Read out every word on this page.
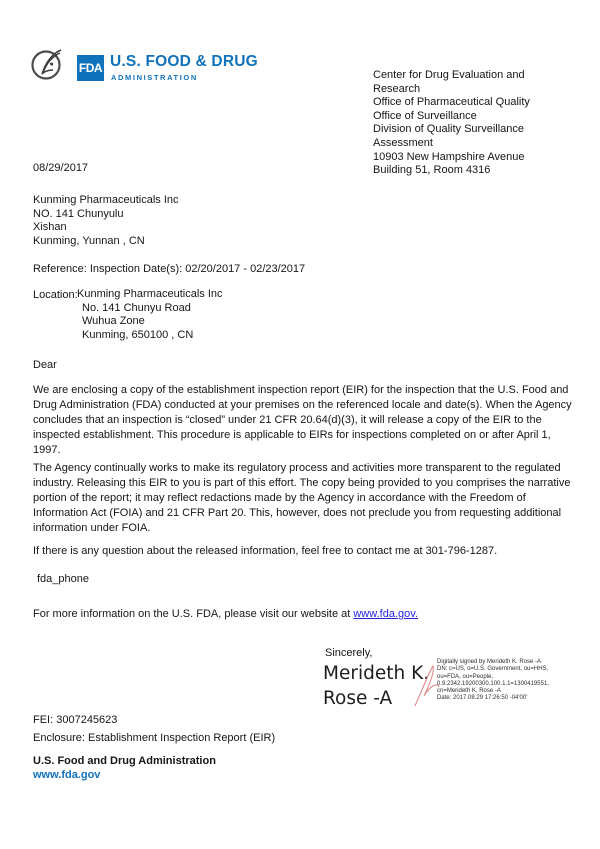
FDA U.S. FOOD & DRUG
ADMINISTRATION	Center for Drug Evaluation and
Research
Office of Pharmaceutical Quality
Office of Surveillance
Division of Quality Surveillance
Assessment
10903 New Hampshire Avenue
Building 51, Room 4316
08/29/2017
Kunming Pharmaceuticals Inc
NO. 141 Chunyulu
Xishan
Kunming, Yunnan , CN
Reference: Inspection Date(s): 02/20/2017 - 02/23/2017
Location: Kunming Pharmaceuticals Inc
No. 141 Chunyu Road
Wuhua Zone
Kunming, 650100 , CN
Dear
We are enclosing a copy of the establishment inspection report (EIR) for the inspection that the U.S. Food and Drug Administration (FDA) conducted at your premises on the referenced locale and date(s). When the Agency concludes that an inspection is “closed” under 21 CFR 20.64(d)(3), it will release a copy of the EIR to the inspected establishment. This procedure is applicable to EIRs for inspections completed on or after April 1, 1997.
The Agency continually works to make its regulatory process and activities more transparent to the regulated industry. Releasing this EIR to you is part of this effort. The copy being provided to you comprises the narrative portion of the report; it may reflect redactions made by the Agency in accordance with the Freedom of Information Act (FOIA) and 21 CFR Part 20. This, however, does not preclude you from requesting additional information under FOIA.
If there is any question about the released information, feel free to contact me at 301-796-1287.
fda_phone
For more information on the U.S. FDA, please visit our website at www.fda.gov.
Sincerely,
Merideth K.
Rose -A
Digitally signed by Merideth K. Rose -A
DN: c=US, o=U.S. Government, ou=HHS,
ou=FDA, ou=People,
0.9.2342.19200300.100.1.1=1300419551,
cn=Merideth K. Rose -A
Date: 2017.08.29 17:26:50 -04'00'
FEI: 3007245623
Enclosure: Establishment Inspection Report (EIR)
U.S. Food and Drug Administration
www.fda.gov
